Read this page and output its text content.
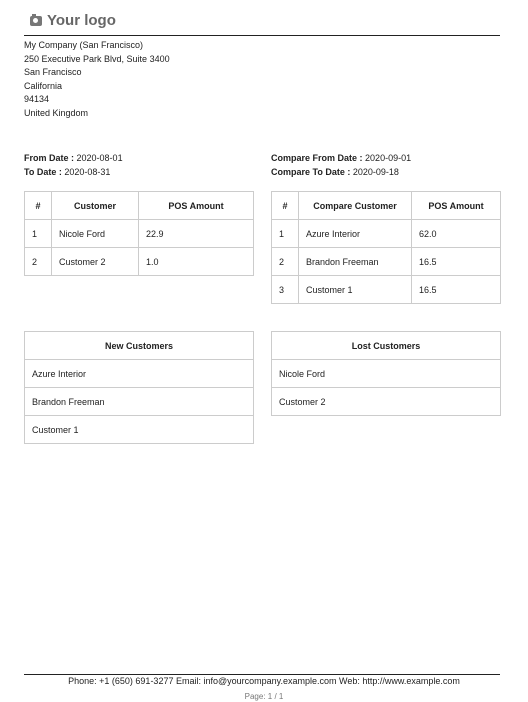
Your logo
My Company (San Francisco)
250 Executive Park Blvd, Suite 3400
San Francisco
California
94134
United Kingdom
From Date : 2020-08-01
To Date : 2020-08-31
Compare From Date : 2020-09-01
Compare To Date : 2020-09-18
#	Customer	POS Amount
1	Nicole Ford	22.9
2	Customer 2	1.0
#	Compare Customer	POS Amount
1	Azure Interior	62.0
2	Brandon Freeman	16.5
3	Customer 1	16.5
New Customers
Azure Interior
Brandon Freeman
Customer 1
Lost Customers
Nicole Ford
Customer 2
Phone: +1 (650) 691-3277 Email: info@yourcompany.example.com Web: http://www.example.com
Page: 1 / 1
